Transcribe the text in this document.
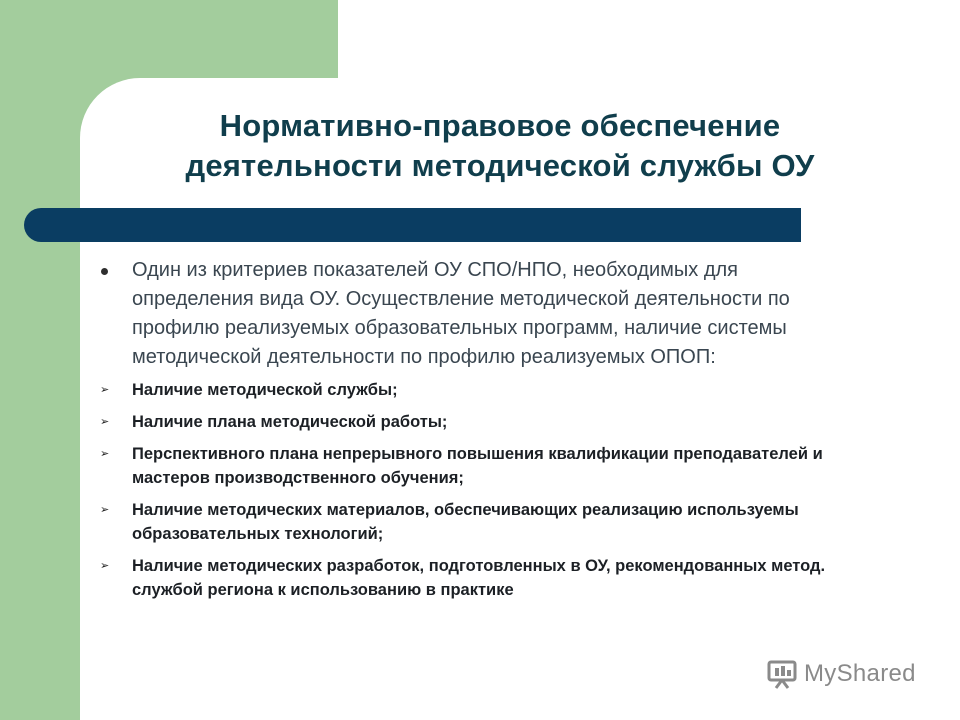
Нормативно-правовое обеспечение
деятельности методической службы ОУ
Один из критериев показателей ОУ СПО/НПО, необходимых для определения вида ОУ. Осуществление методической деятельности по профилю реализуемых образовательных программ, наличие системы методической деятельности по профилю реализуемых ОПОП:
➢ Наличие методической службы;
➢ Наличие плана методической работы;
➢ Перспективного плана непрерывного повышения квалификации преподавателей и мастеров производственного обучения;
➢ Наличие методических материалов, обеспечивающих реализацию используемы образовательных технологий;
➢ Наличие методических разработок, подготовленных в ОУ, рекомендованных метод. службой региона к использованию в практике
MyShared
